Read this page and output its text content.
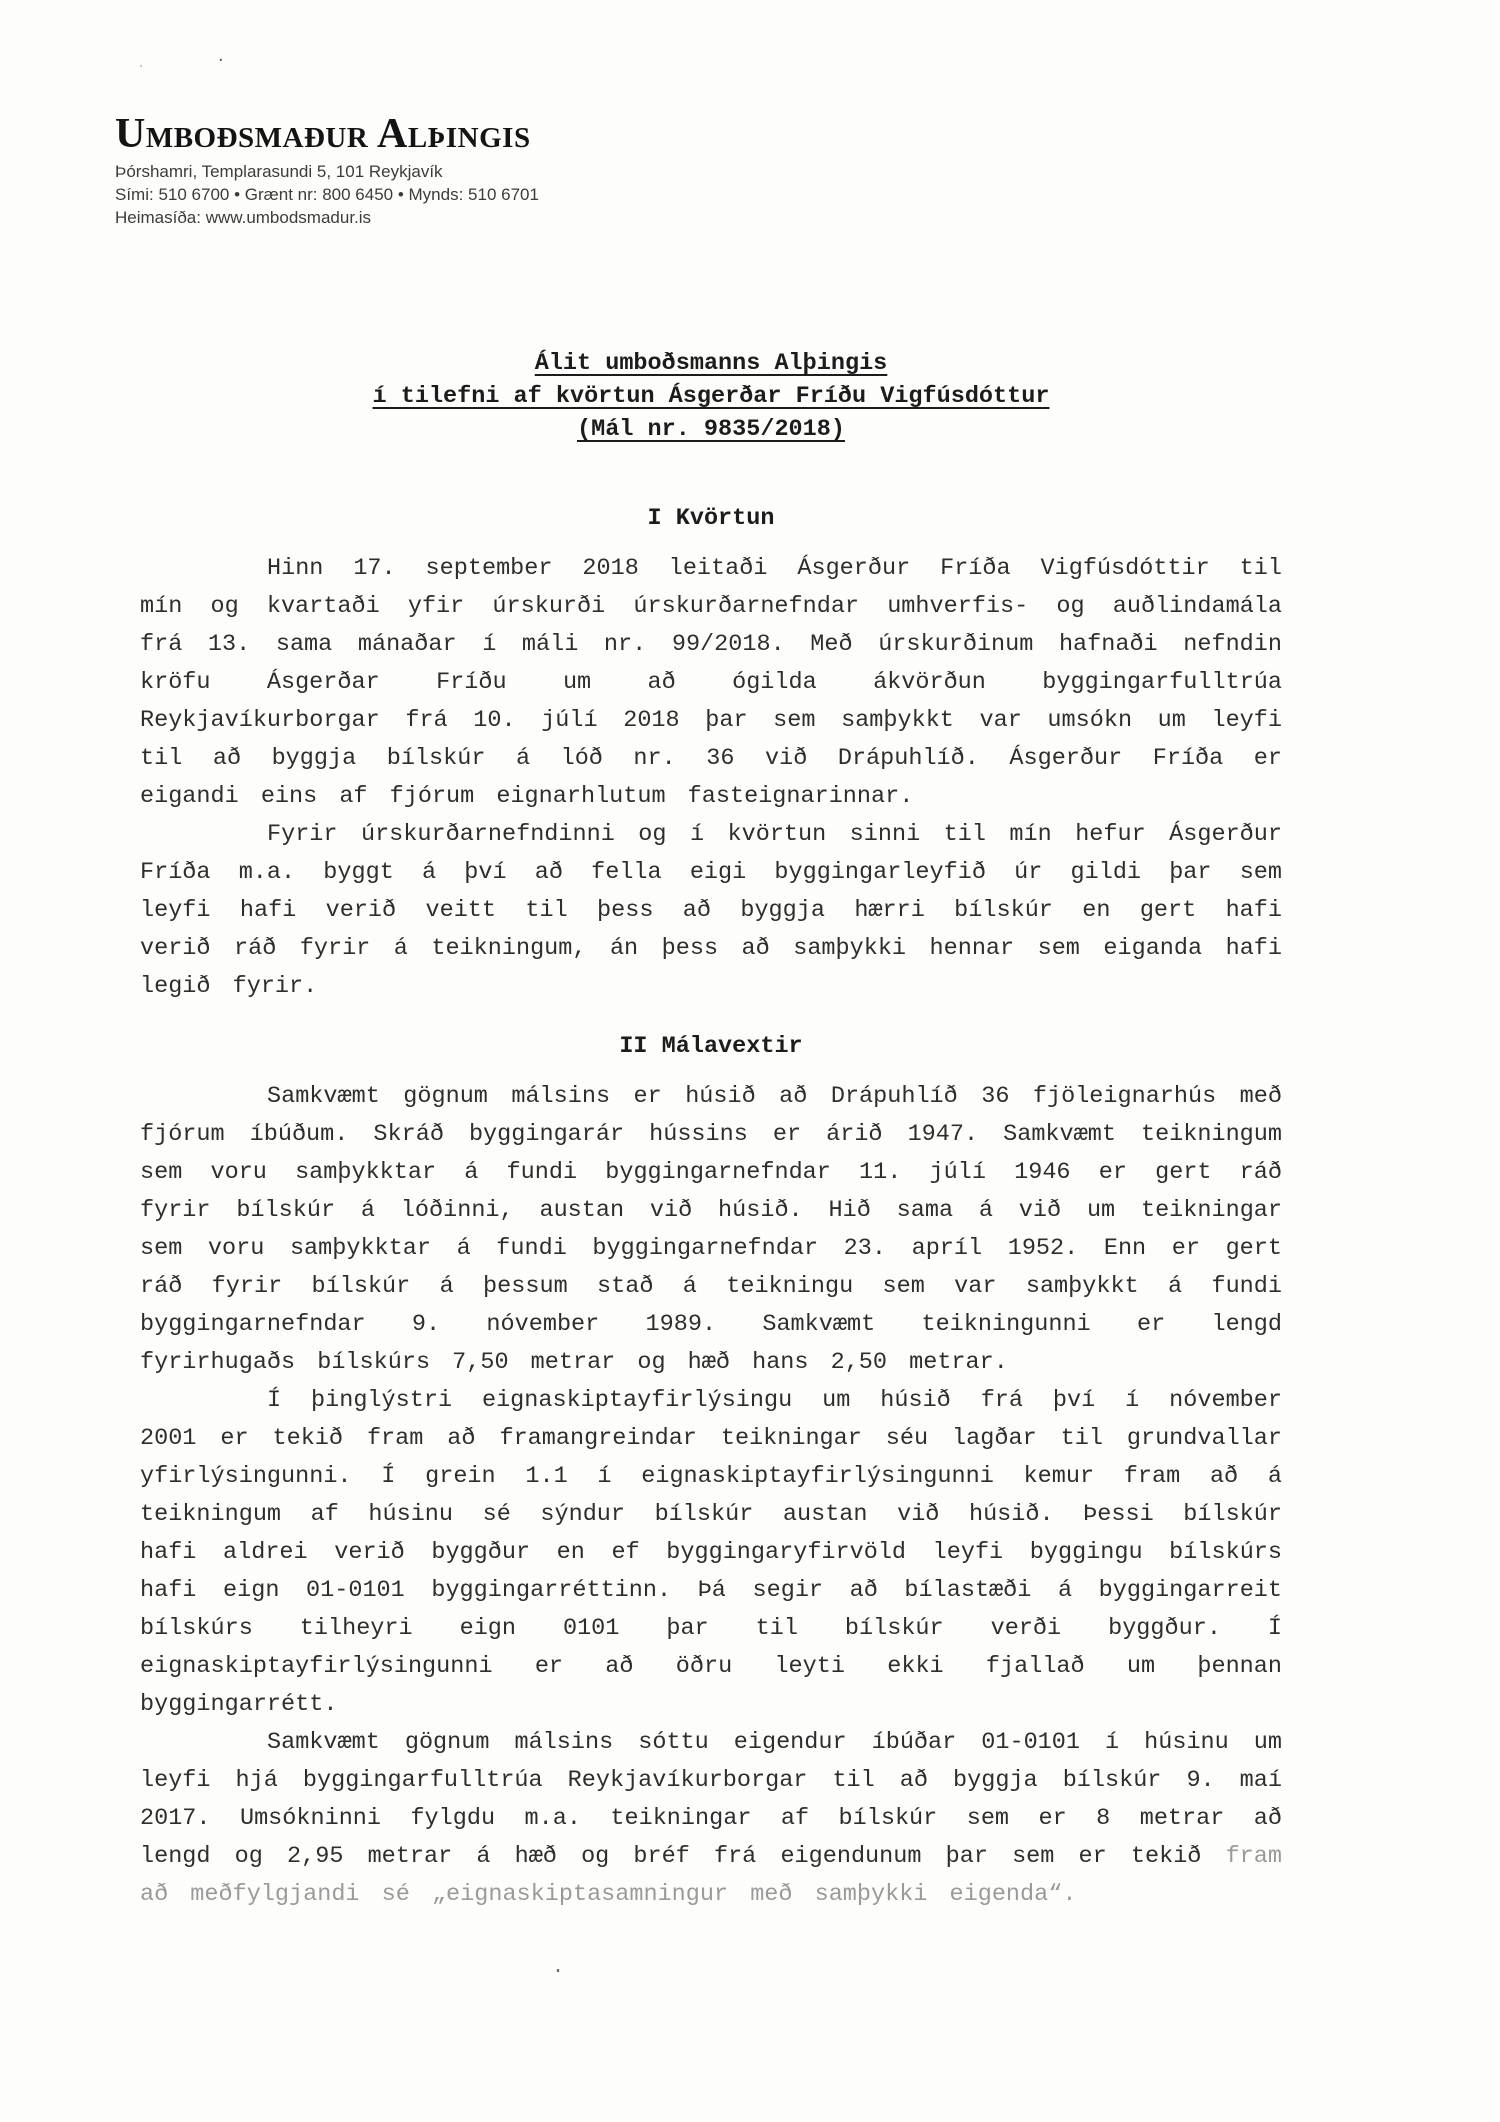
.	·
Umboðsmaður Alþingis
Þórshamri, Templarasundi 5, 101 Reykjavík
Sími: 510 6700 • Grænt nr: 800 6450 • Mynds: 510 6701
Heimasíða: www.umbodsmadur.is
Álit umboðsmanns Alþingis
í tilefni af kvörtun Ásgerðar Fríðu Vigfúsdóttur
(Mál nr. 9835/2018)
I Kvörtun

Hinn 17. september 2018 leitaði Ásgerður Fríða Vigfúsdóttir til mín og kvartaði yfir úrskurði úrskurðarnefndar umhverfis- og auðlindamála frá 13. sama mánaðar í máli nr. 99/2018. Með úrskurðinum hafnaði nefndin kröfu Ásgerðar Fríðu um að ógilda ákvörðun byggingarfulltrúa Reykjavíkurborgar frá 10. júlí 2018 þar sem samþykkt var umsókn um leyfi til að byggja bílskúr á lóð nr. 36 við Drápuhlíð. Ásgerður Fríða er eigandi eins af fjórum eignarhlutum fasteignarinnar.

Fyrir úrskurðarnefndinni og í kvörtun sinni til mín hefur Ásgerður Fríða m.a. byggt á því að fella eigi byggingarleyfið úr gildi þar sem leyfi hafi verið veitt til þess að byggja hærri bílskúr en gert hafi verið ráð fyrir á teikningum, án þess að samþykki hennar sem eiganda hafi legið fyrir.

II Málavextir

Samkvæmt gögnum málsins er húsið að Drápuhlíð 36 fjöleignarhús með fjórum íbúðum. Skráð byggingarár hússins er árið 1947. Samkvæmt teikningum sem voru samþykktar á fundi byggingarnefndar 11. júlí 1946 er gert ráð fyrir bílskúr á lóðinni, austan við húsið. Hið sama á við um teikningar sem voru samþykktar á fundi byggingarnefndar 23. apríl 1952. Enn er gert ráð fyrir bílskúr á þessum stað á teikningu sem var samþykkt á fundi byggingarnefndar 9. nóvember 1989. Samkvæmt teikningunni er lengd fyrirhugaðs bílskúrs 7,50 metrar og hæð hans 2,50 metrar.

Í þinglýstri eignaskiptayfirlýsingu um húsið frá því í nóvember 2001 er tekið fram að framangreindar teikningar séu lagðar til grundvallar yfirlýsingunni. Í grein 1.1 í eignaskiptayfirlýsingunni kemur fram að á teikningum af húsinu sé sýndur bílskúr austan við húsið. Þessi bílskúr hafi aldrei verið byggður en ef byggingaryfirvöld leyfi byggingu bílskúrs hafi eign 01-0101 byggingarréttinn. Þá segir að bílastæði á byggingarreit bílskúrs tilheyri eign 0101 þar til bílskúr verði byggður. Í eignaskiptayfirlýsingunni er að öðru leyti ekki fjallað um þennan byggingarrétt.

Samkvæmt gögnum málsins sóttu eigendur íbúðar 01-0101 í húsinu um leyfi hjá byggingarfulltrúa Reykjavíkurborgar til að byggja bílskúr 9. maí 2017. Umsókninni fylgdu m.a. teikningar af bílskúr sem er 8 metrar að lengd og 2,95 metrar á hæð og bréf frá eigendunum þar sem er tekið fram að meðfylgjandi sé „eignaskiptasamningur með samþykki eigenda“.

.
